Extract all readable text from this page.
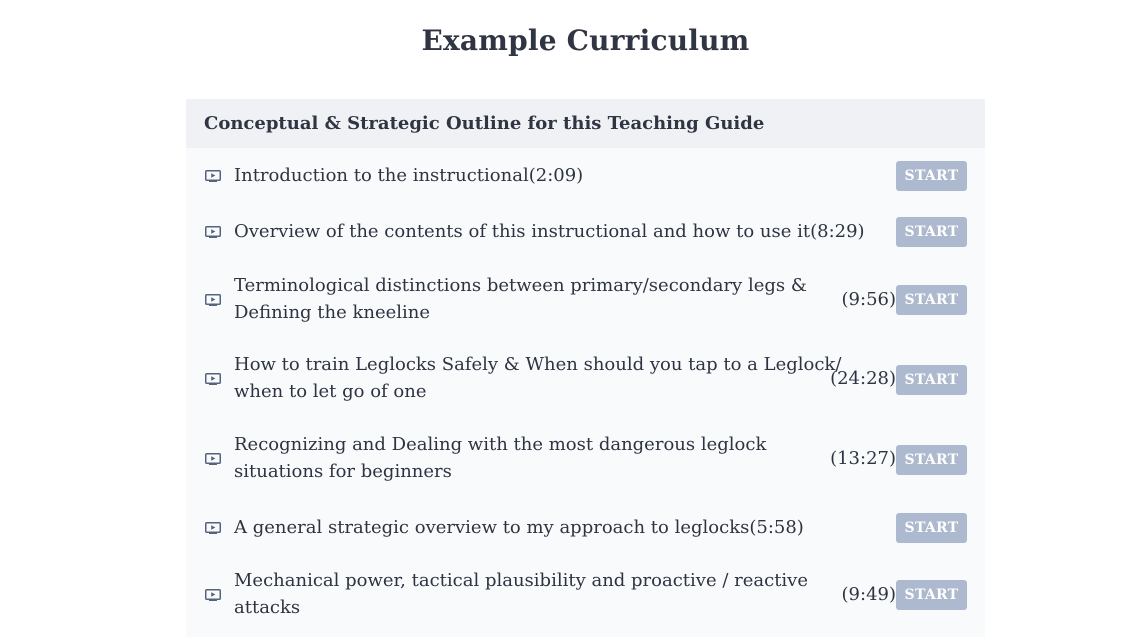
Example Curriculum
Conceptual & Strategic Outline for this Teaching Guide
Introduction to the instructional(2:09)	START
Overview of the contents of this instructional and how to use it(8:29)	START
Terminological distinctions between primary/secondary legs &
Defining the kneeline
(9:56) START
How to train Leglocks Safely & When should you tap to a Leglock/
when to let go of one
(24:28) START
Recognizing and Dealing with the most dangerous leglock
situations for beginners
(13:27) START
A general strategic overview to my approach to leglocks(5:58)	START
Mechanical power, tactical plausibility and proactive / reactive
attacks
(9:49) START
